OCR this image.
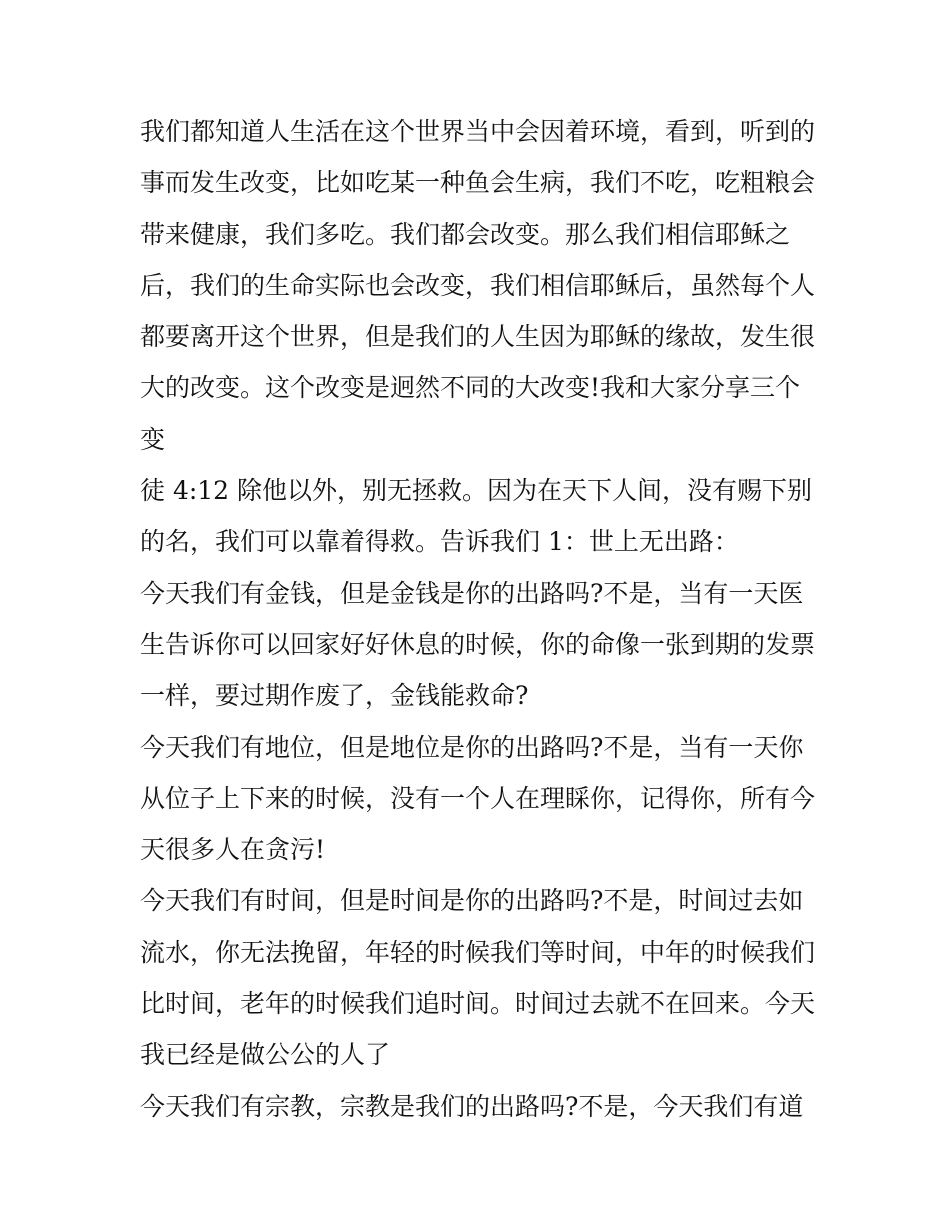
我们都知道人生活在这个世界当中会因着环境，看到，听到的
事而发生改变，比如吃某一种鱼会生病，我们不吃，吃粗粮会
带来健康，我们多吃。我们都会改变。那么我们相信耶稣之
后，我们的生命实际也会改变，我们相信耶稣后，虽然每个人
都要离开这个世界，但是我们的人生因为耶稣的缘故，发生很
大的改变。这个改变是迥然不同的大改变!我和大家分享三个
变
徒 4:12 除他以外，别无拯救。因为在天下人间，没有赐下别
的名，我们可以靠着得救。告诉我们 1：世上无出路：
今天我们有金钱，但是金钱是你的出路吗?不是，当有一天医
生告诉你可以回家好好休息的时候，你的命像一张到期的发票
一样，要过期作废了，金钱能救命?
今天我们有地位，但是地位是你的出路吗?不是，当有一天你
从位子上下来的时候，没有一个人在理睬你，记得你，所有今
天很多人在贪污!
今天我们有时间，但是时间是你的出路吗?不是，时间过去如
流水，你无法挽留，年轻的时候我们等时间，中年的时候我们
比时间，老年的时候我们追时间。时间过去就不在回来。今天
我已经是做公公的人了
今天我们有宗教，宗教是我们的出路吗?不是，今天我们有道
